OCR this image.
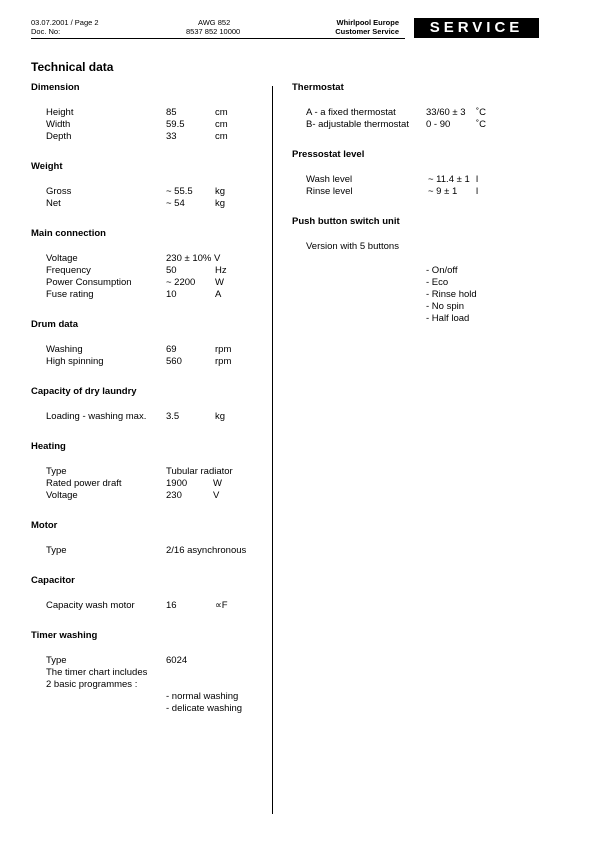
03.07.2001 / Page 2
Doc. No:
AWG 852
8537 852 10000
Whirlpool Europe
Customer Service	SERVICE
Technical data
Dimension
Height	85	cm
Width	59.5	cm
Depth	33	cm
Weight
Gross	~ 55.5 kg
Net	~ 54	kg
Main connection
Voltage	230 ± 10% V
Frequency	50	Hz
Power Consumption	~ 2200 W
Fuse rating	10	A
Drum data
Washing	69	rpm
High spinning	560	rpm
Capacity of dry laundry
Loading - washing max. 3.5	kg
Heating
Type	Tubular radiator
Rated power draft	1900	W
Voltage	230	V
Motor
Type	2/16 asynchronous
Capacitor
Capacity wash motor	16	∝F
Timer washing
Type	6024
The timer chart includes
2 basic programmes :
- normal washing
- delicate washing
Thermostat
A - a fixed thermostat	33/60 ± 3 ˚C
B- adjustable thermostat 0 - 90	˚C
Pressostat level
Wash level	~ 11.4 ± 1 l
Rinse level	~ 9 ± 1 l
Push button switch unit
Version with 5 buttons
- On/off
- Eco
- Rinse hold
- No spin
- Half load
